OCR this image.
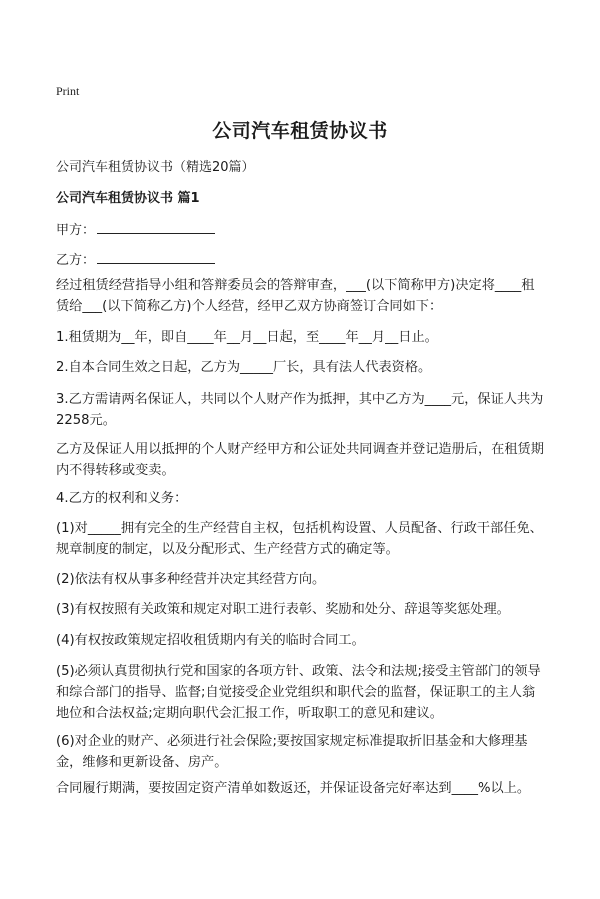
Print
公司汽车租赁协议书
公司汽车租赁协议书（精选20篇）
公司汽车租赁协议书 篇1
甲方：
乙方：

经过租赁经营指导小组和答辩委员会的答辩审查，___(以下简称甲方)决定将____租赁给___(以下简称乙方)个人经营，经甲乙双方协商签订合同如下：

1.租赁期为__年，即自____年__月__日起，至____年__月__日止。

2.自本合同生效之日起，乙方为_____厂长，具有法人代表资格。

3.乙方需请两名保证人，共同以个人财产作为抵押，其中乙方为____元，保证人共为2258元。

乙方及保证人用以抵押的个人财产经甲方和公证处共同调查并登记造册后，在租赁期内不得转移或变卖。

4.乙方的权利和义务：

(1)对_____拥有完全的生产经营自主权，包括机构设置、人员配备、行政干部任免、规章制度的制定，以及分配形式、生产经营方式的确定等。

(2)依法有权从事多种经营并决定其经营方向。

(3)有权按照有关政策和规定对职工进行表彰、奖励和处分、辞退等奖惩处理。

(4)有权按政策规定招收租赁期内有关的临时合同工。

(5)必须认真贯彻执行党和国家的各项方针、政策、法令和法规;接受主管部门的领导和综合部门的指导、监督;自觉接受企业党组织和职代会的监督，保证职工的主人翁地位和合法权益;定期向职代会汇报工作，听取职工的意见和建议。

(6)对企业的财产、必须进行社会保险;要按国家规定标准提取折旧基金和大修理基金，维修和更新设备、房产。

合同履行期满，要按固定资产清单如数返还，并保证设备完好率达到____%以上。
